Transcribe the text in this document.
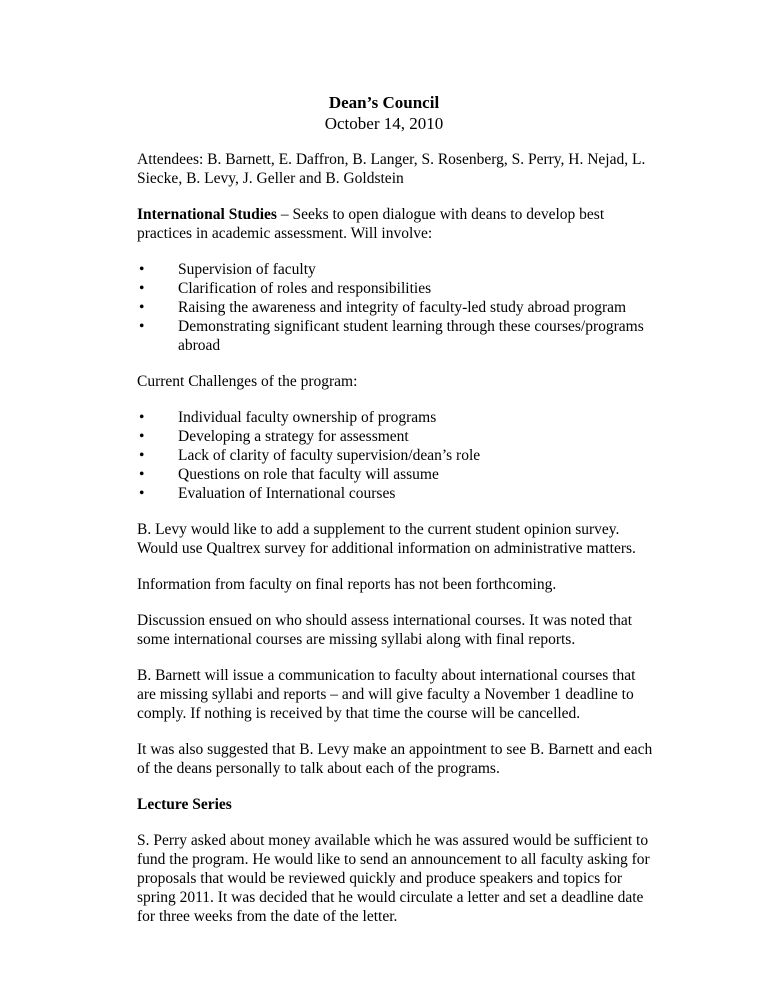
Dean’s Council
October 14, 2010

Attendees: B. Barnett, E. Daffron, B. Langer, S. Rosenberg, S. Perry, H. Nejad, L. Siecke, B. Levy, J. Geller and B. Goldstein

International Studies – Seeks to open dialogue with deans to develop best practices in academic assessment. Will involve:

• Supervision of faculty
• Clarification of roles and responsibilities
• Raising the awareness and integrity of faculty-led study abroad program
• Demonstrating significant student learning through these courses/programs abroad

Current Challenges of the program:

• Individual faculty ownership of programs
• Developing a strategy for assessment
• Lack of clarity of faculty supervision/dean’s role
• Questions on role that faculty will assume
• Evaluation of International courses

B. Levy would like to add a supplement to the current student opinion survey. Would use Qualtrex survey for additional information on administrative matters.

Information from faculty on final reports has not been forthcoming.

Discussion ensued on who should assess international courses. It was noted that some international courses are missing syllabi along with final reports.

B. Barnett will issue a communication to faculty about international courses that are missing syllabi and reports – and will give faculty a November 1 deadline to comply. If nothing is received by that time the course will be cancelled.

It was also suggested that B. Levy make an appointment to see B. Barnett and each of the deans personally to talk about each of the programs.

Lecture Series

S. Perry asked about money available which he was assured would be sufficient to fund the program. He would like to send an announcement to all faculty asking for proposals that would be reviewed quickly and produce speakers and topics for spring 2011. It was decided that he would circulate a letter and set a deadline date for three weeks from the date of the letter.
